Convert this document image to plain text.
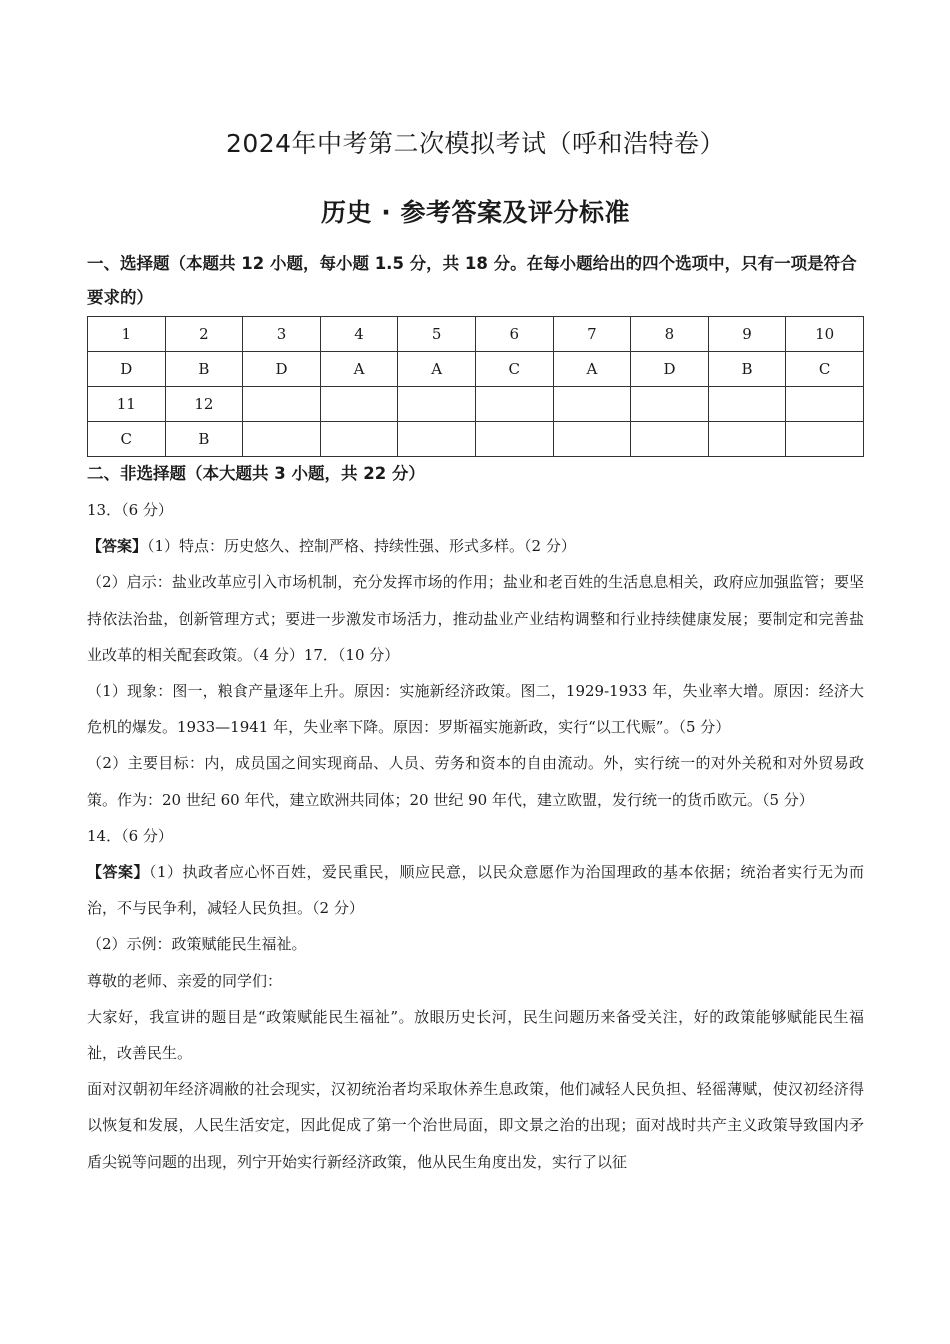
2024年中考第二次模拟考试（呼和浩特卷）
历史 · 参考答案及评分标准
一、选择题（本题共 12 小题，每小题 1.5 分，共 18 分。在每小题给出的四个选项中，只有一项是符合要求的）
1	2	3	4	5	6	7	8	9	10
D	B	D	A	A	C	A	D	B	C
11	12								
C	B								
二、非选择题（本大题共 3 小题，共 22 分）

13．（6 分）

【答案】（1）特点：历史悠久、控制严格、持续性强、形式多样。（2 分）

（2）启示：盐业改革应引入市场机制，充分发挥市场的作用；盐业和老百姓的生活息息相关，政府应加强监管；要坚持依法治盐，创新管理方式；要进一步激发市场活力，推动盐业产业结构调整和行业持续健康发展；要制定和完善盐业改革的相关配套政策。（4 分）17．（10 分）

（1）现象：图一，粮食产量逐年上升。原因：实施新经济政策。图二，1929-1933 年，失业率大增。原因：经济大危机的爆发。1933—1941 年，失业率下降。原因：罗斯福实施新政，实行“以工代赈”。（5 分）

（2）主要目标：内，成员国之间实现商品、人员、劳务和资本的自由流动。外，实行统一的对外关税和对外贸易政策。作为：20 世纪 60 年代，建立欧洲共同体；20 世纪 90 年代，建立欧盟，发行统一的货币欧元。（5 分）

14．（6 分）

【答案】（1）执政者应心怀百姓，爱民重民，顺应民意，以民众意愿作为治国理政的基本依据；统治者实行无为而治，不与民争利，减轻人民负担。（2 分）

（2）示例：政策赋能民生福祉。

尊敬的老师、亲爱的同学们：

大家好，我宣讲的题目是“政策赋能民生福祉”。放眼历史长河，民生问题历来备受关注，好的政策能够赋能民生福祉，改善民生。

面对汉朝初年经济凋敝的社会现实，汉初统治者均采取休养生息政策，他们减轻人民负担、轻徭薄赋，使汉初经济得以恢复和发展，人民生活安定，因此促成了第一个治世局面，即文景之治的出现；面对战时共产主义政策导致国内矛盾尖锐等问题的出现，列宁开始实行新经济政策，他从民生角度出发，实行了以征
